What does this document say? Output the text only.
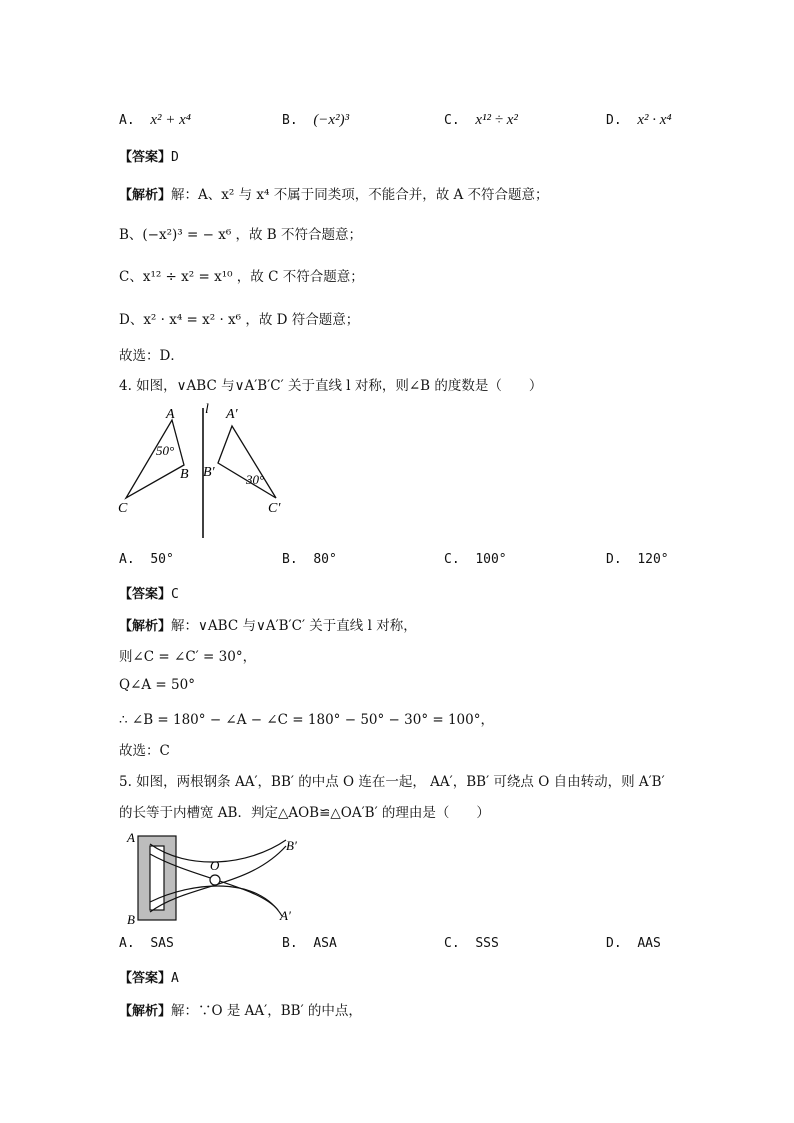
A. x² + x⁴	B. (−x²)³	C. x¹² ÷ x²	D. x² · x⁴
【答案】D
【解析】解：A、x² 与 x⁴ 不属于同类项，不能合并，故 A 不符合题意；
B、(−x²)³ = − x⁶ ，故 B 不符合题意；
C、x¹² ÷ x² = x¹⁰ ，故 C 不符合题意；
D、x² · x⁴ = x² · x⁶ ，故 D 符合题意；
故选：D．
4. 如图，∨ABC 与∨A′B′C′ 关于直线 l 对称，则∠B 的度数是（　　）
A
B
C
l A′
B′
C′
50°
30°
A. 50°	B. 80°	C. 100°	D. 120°
【答案】C
【解析】解：∨ABC 与∨A′B′C′ 关于直线 l 对称，
则∠C = ∠C′ = 30°，
Q∠A = 50°
∴ ∠B = 180° − ∠A − ∠C = 180° − 50° − 30° = 100°，
故选：C
5. 如图，两根钢条 AA′，BB′ 的中点 O 连在一起， AA′，BB′ 可绕点 O 自由转动，则 A′B′
的长等于内槽宽 AB．判定△AOB≌△OA′B′ 的理由是（　　）
A
B
O
B′
A′
A. SAS	B. ASA	C. SSS	D. AAS
【答案】A
【解析】解：∵O 是 AA′，BB′ 的中点，
